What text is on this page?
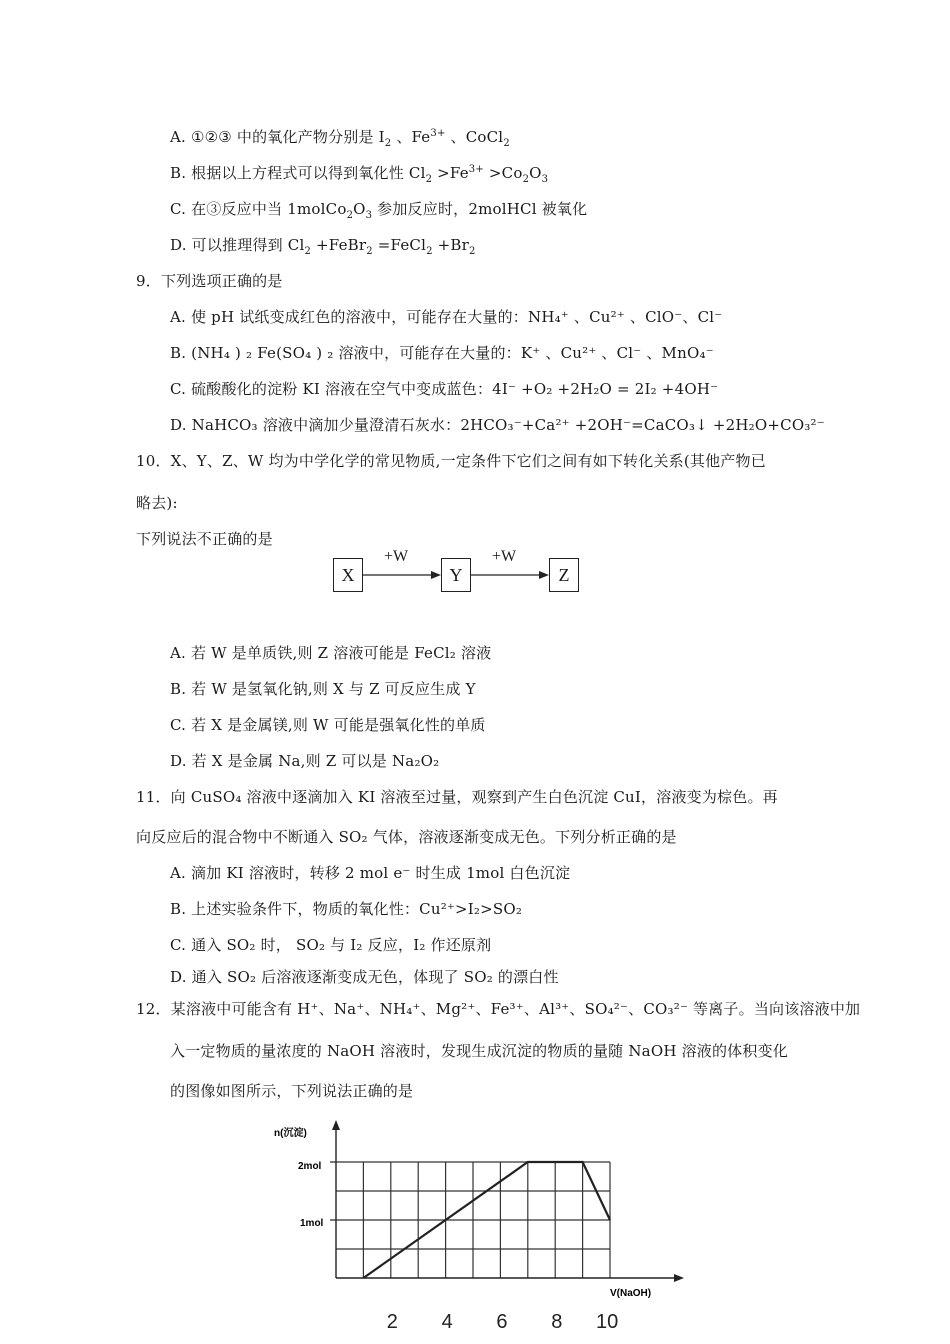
A. ①②③ 中的氧化产物分别是 $I_2$ 、$Fe^{3+}$ 、CoCl$_2$
B. 根据以上方程式可以得到氧化性 $Cl_2 >Fe^{3+} >Co_2O_3$
C. 在③反应中当 $1molCo_2O_3$ 参加反应时，2molHCl 被氧化
D. 可以推理得到 $Cl_2$ +FeBr$_2$ =FeCl$_2$ $+Br_2$
9．下列选项正确的是
A. 使 pH 试纸变成红色的溶液中，可能存在大量的：NH₄⁺ 、Cu²⁺ 、ClO⁻、Cl⁻
B. (NH₄ ) ₂ Fe(SO₄ ) ₂ 溶液中，可能存在大量的：K⁺ 、Cu²⁺ 、Cl⁻ 、MnO₄⁻
C. 硫酸酸化的淀粉 KI 溶液在空气中变成蓝色：4I⁻ +O₂ +2H₂O = 2I₂ +4OH⁻
D. NaHCO₃ 溶液中滴加少量澄清石灰水：2HCO₃⁻+Ca²⁺ +2OH⁻=CaCO₃↓ +2H₂O+CO₃²⁻
10．X、Y、Z、W 均为中学化学的常见物质,一定条件下它们之间有如下转化关系(其他产物已
略去):
下列说法不正确的是
X	Y	Z
+W	+W
A. 若 W 是单质铁,则 Z 溶液可能是 FeCl₂ 溶液
B. 若 W 是氢氧化钠,则 X 与 Z 可反应生成 Y
C. 若 X 是金属镁,则 W 可能是强氧化性的单质
D. 若 X 是金属 Na,则 Z 可以是 Na₂O₂
11．向 CuSO₄ 溶液中逐滴加入 KI 溶液至过量，观察到产生白色沉淀 CuI，溶液变为棕色。再
向反应后的混合物中不断通入 SO₂ 气体，溶液逐渐变成无色。下列分析正确的是
A. 滴加 KI 溶液时，转移 2 mol e⁻ 时生成 1mol 白色沉淀
B. 上述实验条件下，物质的氧化性：Cu²⁺>I₂>SO₂
C. 通入 SO₂ 时， SO₂ 与 I₂ 反应，I₂ 作还原剂
D. 通入 SO₂ 后溶液逐渐变成无色，体现了 SO₂ 的漂白性
12．某溶液中可能含有 H⁺、Na⁺、NH₄⁺、Mg²⁺、Fe³⁺、Al³⁺、SO₄²⁻、CO₃²⁻ 等离子。当向该溶液中加
入一定物质的量浓度的 NaOH 溶液时，发现生成沉淀的物质的量随 NaOH 溶液的体积变化
的图像如图所示，下列说法正确的是
n(沉淀)
V(NaOH)
2mol
1mol
2 4 6 8 10
